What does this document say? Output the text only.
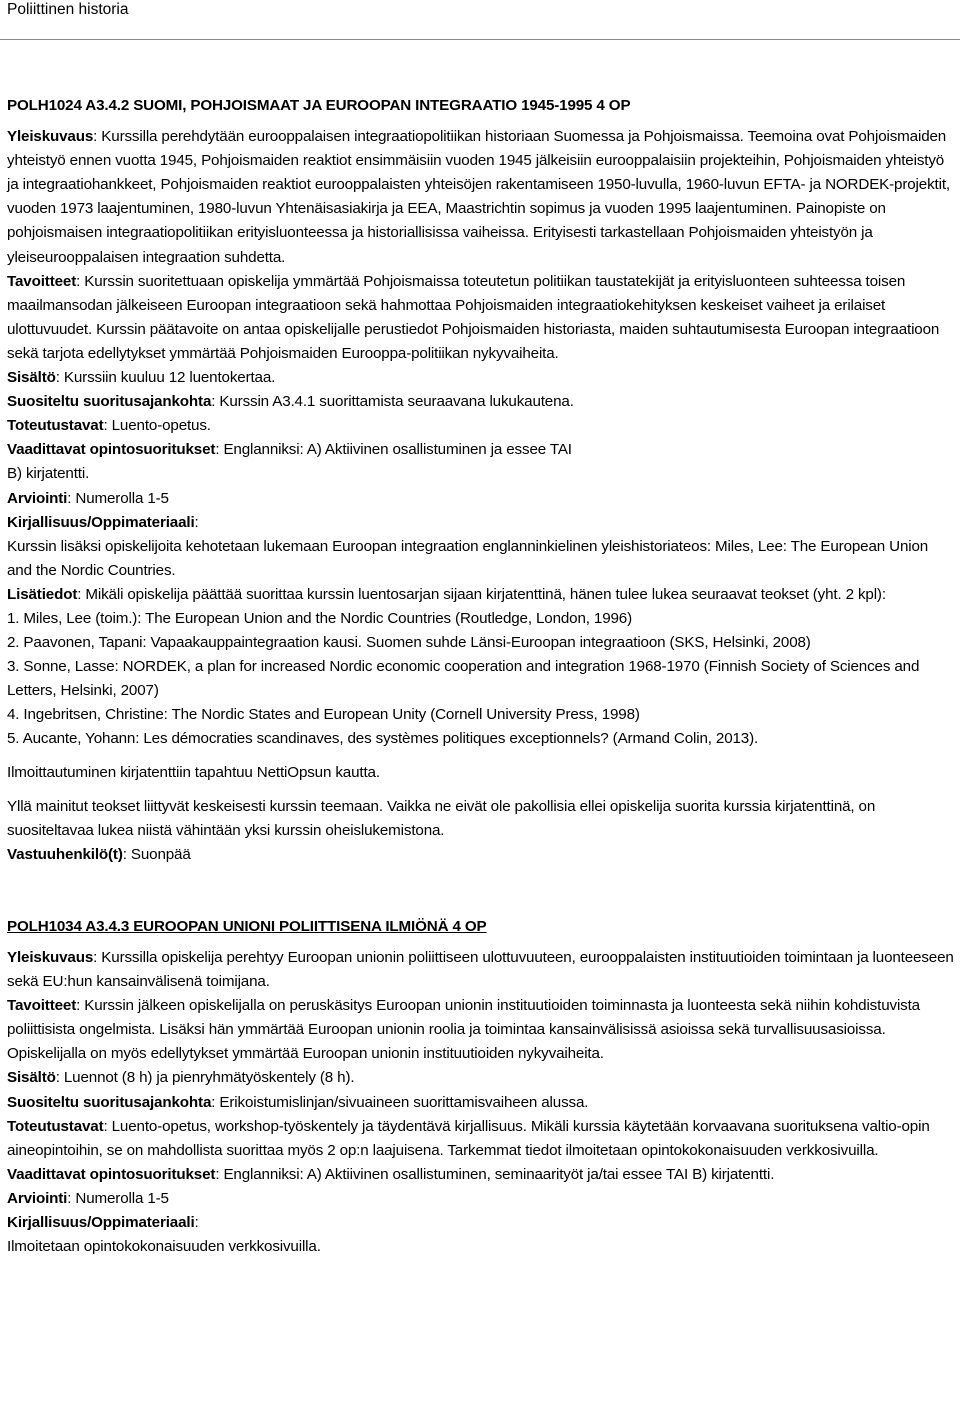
Poliittinen historia

POLH1024 A3.4.2 SUOMI, POHJOISMAAT JA EUROOPAN INTEGRAATIO 1945-1995 4 OP

Yleiskuvaus: Kurssilla perehdytään eurooppalaisen integraatiopolitiikan historiaan Suomessa ja Pohjoismaissa. Teemoina ovat Pohjoismaiden yhteistyö ennen vuotta 1945, Pohjoismaiden reaktiot ensimmäisiin vuoden 1945 jälkeisiin eurooppalaisiin projekteihin, Pohjoismaiden yhteistyö ja integraatiohankkeet, Pohjoismaiden reaktiot eurooppalaisten yhteisöjen rakentamiseen 1950-luvulla, 1960-luvun EFTA- ja NORDEK-projektit, vuoden 1973 laajentuminen, 1980-luvun Yhtenäisasiakirja ja EEA, Maastrichtin sopimus ja vuoden 1995 laajentuminen. Painopiste on pohjoismaisen integraatiopolitiikan erityisluonteessa ja historiallisissa vaiheissa. Erityisesti tarkastellaan Pohjoismaiden yhteistyön ja yleiseurooppalaisen integraation suhdetta.

Tavoitteet: Kurssin suoritettuaan opiskelija ymmärtää Pohjoismaissa toteutetun politiikan taustatekijät ja erityisluonteen suhteessa toisen maailmansodan jälkeiseen Euroopan integraatioon sekä hahmottaa Pohjoismaiden integraatiokehityksen keskeiset vaiheet ja erilaiset ulottuvuudet. Kurssin päätavoite on antaa opiskelijalle perustiedot Pohjoismaiden historiasta, maiden suhtautumisesta Euroopan integraatioon sekä tarjota edellytykset ymmärtää Pohjoismaiden Eurooppa-politiikan nykyvaiheita.

Sisältö: Kurssiin kuuluu 12 luentokertaa.

Suositeltu suoritusajankohta: Kurssin A3.4.1 suorittamista seuraavana lukukautena.

Toteutustavat: Luento-opetus.

Vaadittavat opintosuoritukset: Englanniksi: A) Aktiivinen osallistuminen ja essee TAI

B) kirjatentti.

Arviointi: Numerolla 1-5

Kirjallisuus/Oppimateriaali:

Kurssin lisäksi opiskelijoita kehotetaan lukemaan Euroopan integraation englanninkielinen yleishistoriateos: Miles, Lee: The European Union and the Nordic Countries.

Lisätiedot: Mikäli opiskelija päättää suorittaa kurssin luentosarjan sijaan kirjatenttinä, hänen tulee lukea seuraavat teokset (yht. 2 kpl):

1. Miles, Lee (toim.): The European Union and the Nordic Countries (Routledge, London, 1996)

2. Paavonen, Tapani: Vapaakauppaintegraation kausi. Suomen suhde Länsi-Euroopan integraatioon (SKS, Helsinki, 2008)

3. Sonne, Lasse: NORDEK, a plan for increased Nordic economic cooperation and integration 1968-1970 (Finnish Society of Sciences and Letters, Helsinki, 2007)

4. Ingebritsen, Christine: The Nordic States and European Unity (Cornell University Press, 1998)

5. Aucante, Yohann: Les démocraties scandinaves, des systèmes politiques exceptionnels? (Armand Colin, 2013).

Ilmoittautuminen kirjatenttiin tapahtuu NettiOpsun kautta.

Yllä mainitut teokset liittyvät keskeisesti kurssin teemaan. Vaikka ne eivät ole pakollisia ellei opiskelija suorita kurssia kirjatenttinä, on suositeltavaa lukea niistä vähintään yksi kurssin oheislukemistona.

Vastuuhenkilö(t): Suonpää

POLH1034 A3.4.3 EUROOPAN UNIONI POLIITTISENA ILMIÖNÄ 4 OP

Yleiskuvaus: Kurssilla opiskelija perehtyy Euroopan unionin poliittiseen ulottuvuuteen, eurooppalaisten instituutioiden toimintaan ja luonteeseen sekä EU:hun kansainvälisenä toimijana.

Tavoitteet: Kurssin jälkeen opiskelijalla on peruskäsitys Euroopan unionin instituutioiden toiminnasta ja luonteesta sekä niihin kohdistuvista poliittisista ongelmista. Lisäksi hän ymmärtää Euroopan unionin roolia ja toimintaa kansainvälisissä asioissa sekä turvallisuusasioissa. Opiskelijalla on myös edellytykset ymmärtää Euroopan unionin instituutioiden nykyvaiheita.

Sisältö: Luennot (8 h) ja pienryhmätyöskentely (8 h).

Suositeltu suoritusajankohta: Erikoistumislinjan/sivuaineen suorittamisvaiheen alussa.

Toteutustavat: Luento-opetus, workshop-työskentely ja täydentävä kirjallisuus. Mikäli kurssia käytetään korvaavana suorituksena valtio-opin aineopintoihin, se on mahdollista suorittaa myös 2 op:n laajuisena. Tarkemmat tiedot ilmoitetaan opintokokonaisuuden verkkosivuilla.

Vaadittavat opintosuoritukset: Englanniksi: A) Aktiivinen osallistuminen, seminaarityöt ja/tai essee TAI B) kirjatentti.

Arviointi: Numerolla 1-5

Kirjallisuus/Oppimateriaali:

Ilmoitetaan opintokokonaisuuden verkkosivuilla.
